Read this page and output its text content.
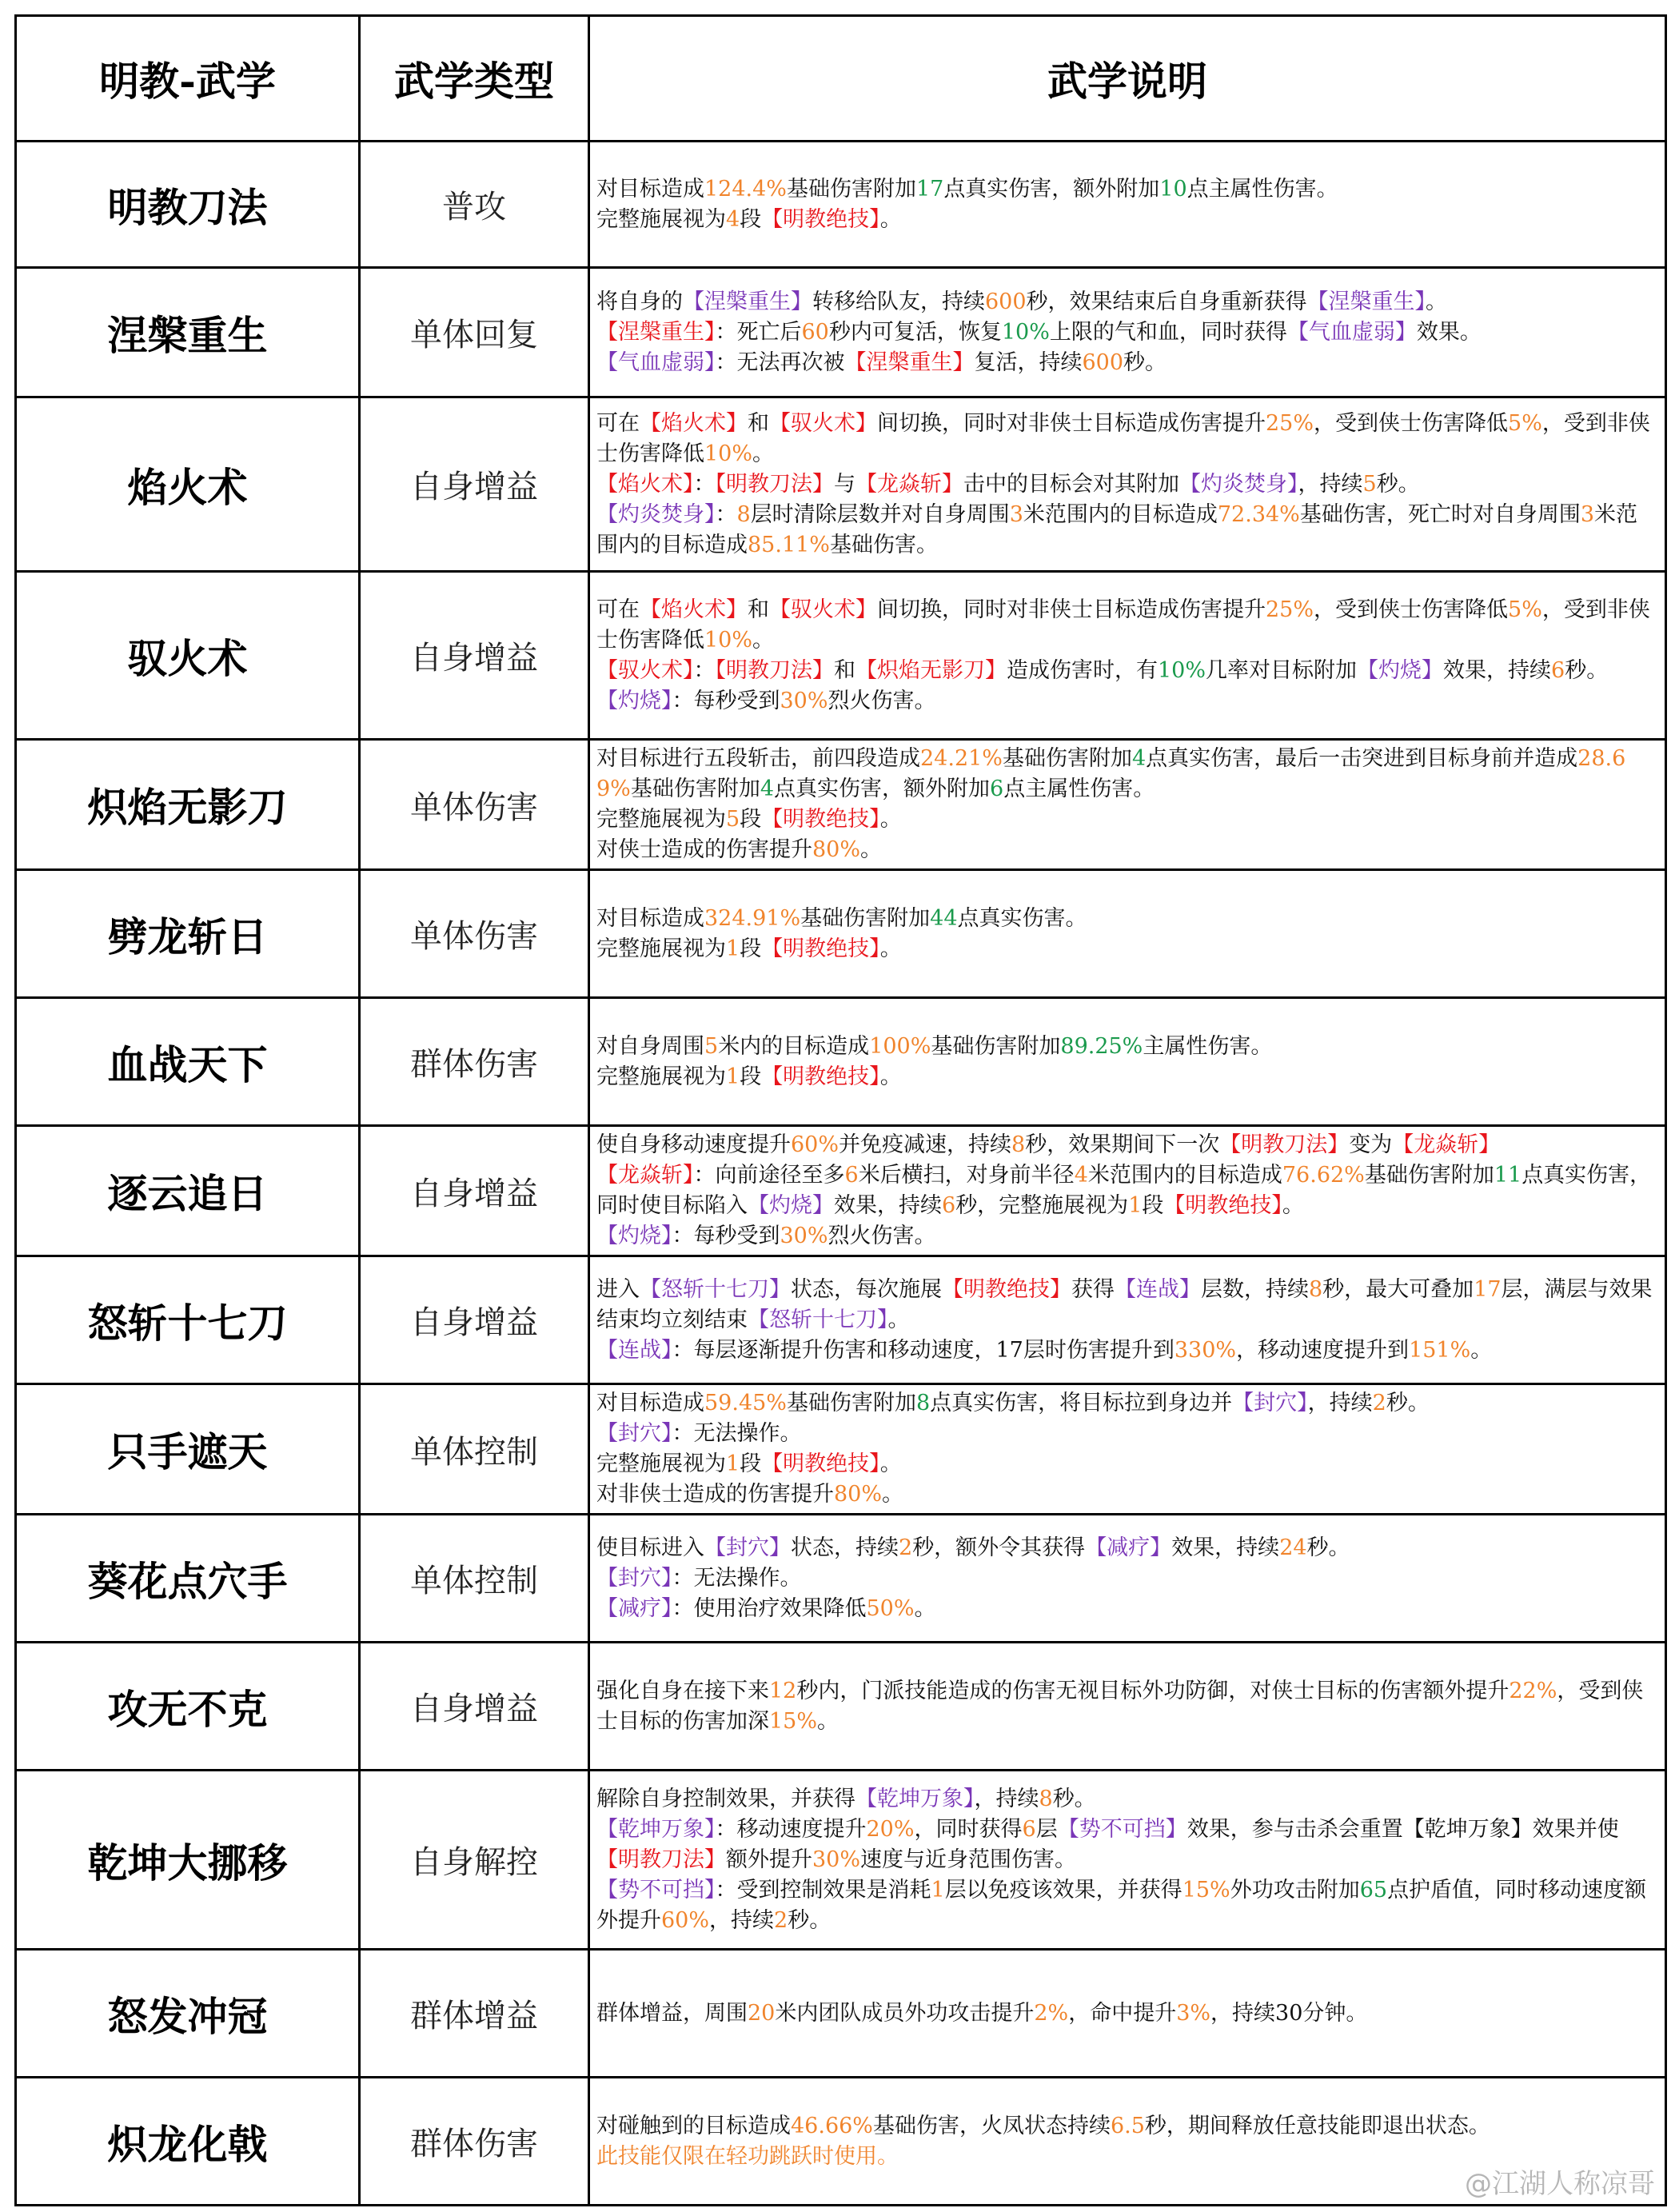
明教-武学	武学类型	武学说明
明教刀法	普攻	对目标造成124.4%基础伤害附加17点真实伤害，额外附加10点主属性伤害。
完整施展视为4段【明教绝技】。

涅槃重生	单体回复	将自身的【涅槃重生】转移给队友，持续600秒，效果结束后自身重新获得【涅槃重生】。
【涅槃重生】：死亡后60秒内可复活，恢复10%上限的气和血，同时获得【气血虚弱】效果。
【气血虚弱】：无法再次被【涅槃重生】复活，持续600秒。

焰火术	自身增益	可在【焰火术】和【驭火术】间切换，同时对非侠士目标造成伤害提升25%，受到侠士伤害降低5%，受到非侠士伤害降低10%。
【焰火术】：【明教刀法】与【龙焱斩】击中的目标会对其附加【灼炎焚身】，持续5秒。
【灼炎焚身】：8层时清除层数并对自身周围3米范围内的目标造成72.34%基础伤害，死亡时对自身周围3米范围内的目标造成85.11%基础伤害。

驭火术	自身增益	可在【焰火术】和【驭火术】间切换，同时对非侠士目标造成伤害提升25%，受到侠士伤害降低5%，受到非侠士伤害降低10%。
【驭火术】：【明教刀法】和【炽焰无影刀】造成伤害时，有10%几率对目标附加【灼烧】效果，持续6秒。
【灼烧】：每秒受到30%烈火伤害。

炽焰无影刀	单体伤害	对目标进行五段斩击，前四段造成24.21%基础伤害附加4点真实伤害，最后一击突进到目标身前并造成28.69%基础伤害附加4点真实伤害，额外附加6点主属性伤害。
完整施展视为5段【明教绝技】。
对侠士造成的伤害提升80%。

劈龙斩日	单体伤害	对目标造成324.91%基础伤害附加44点真实伤害。
完整施展视为1段【明教绝技】。

血战天下	群体伤害	对自身周围5米内的目标造成100%基础伤害附加89.25%主属性伤害。
完整施展视为1段【明教绝技】。

逐云追日	自身增益	使自身移动速度提升60%并免疫减速，持续8秒，效果期间下一次【明教刀法】变为【龙焱斩】
【龙焱斩】：向前途径至多6米后横扫，对身前半径4米范围内的目标造成76.62%基础伤害附加11点真实伤害，同时使目标陷入【灼烧】效果，持续6秒，完整施展视为1段【明教绝技】。
【灼烧】：每秒受到30%烈火伤害。

怒斩十七刀	自身增益	进入【怒斩十七刀】状态，每次施展【明教绝技】获得【连战】层数，持续8秒，最大可叠加17层，满层与效果结束均立刻结束【怒斩十七刀】。
【连战】：每层逐渐提升伤害和移动速度，17层时伤害提升到330%，移动速度提升到151%。

只手遮天	单体控制	对目标造成59.45%基础伤害附加8点真实伤害，将目标拉到身边并【封穴】，持续2秒。
【封穴】：无法操作。
完整施展视为1段【明教绝技】。
对非侠士造成的伤害提升80%。

葵花点穴手	单体控制	使目标进入【封穴】状态，持续2秒，额外令其获得【减疗】效果，持续24秒。
【封穴】：无法操作。
【减疗】：使用治疗效果降低50%。

攻无不克	自身增益	强化自身在接下来12秒内，门派技能造成的伤害无视目标外功防御，对侠士目标的伤害额外提升22%，受到侠士目标的伤害加深15%。

乾坤大挪移	自身解控	解除自身控制效果，并获得【乾坤万象】，持续8秒。
【乾坤万象】：移动速度提升20%，同时获得6层【势不可挡】效果，参与击杀会重置【乾坤万象】效果并使【明教刀法】额外提升30%速度与近身范围伤害。
【势不可挡】：受到控制效果是消耗1层以免疫该效果，并获得15%外功攻击附加65点护盾值，同时移动速度额外提升60%，持续2秒。

怒发冲冠	群体增益	群体增益，周围20米内团队成员外功攻击提升2%，命中提升3%，持续30分钟。

炽龙化戟	群体伤害	对碰触到的目标造成46.66%基础伤害，火凤状态持续6.5秒，期间释放任意技能即退出状态。
此技能仅限在轻功跳跃时使用。
@江湖人称凉哥
